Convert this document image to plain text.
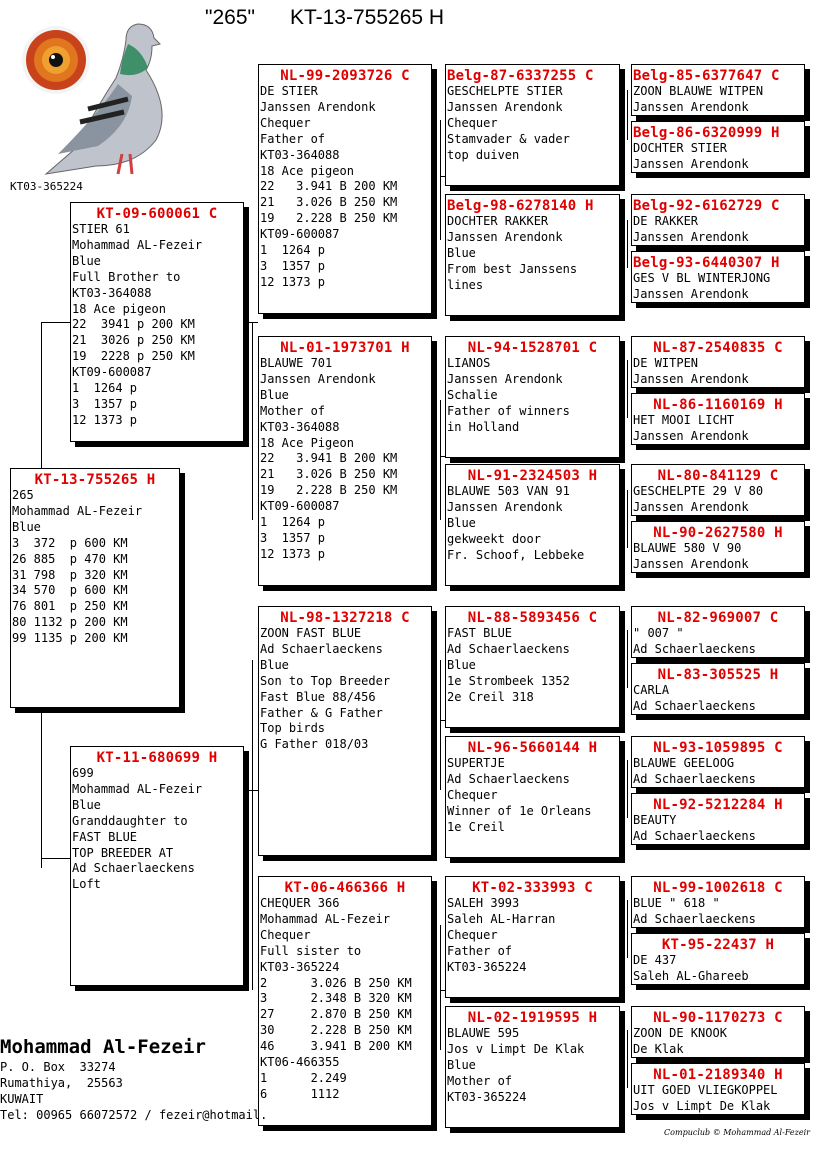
"265"      KT-13-755265 H
KT03-365224
KT-13-755265 H
265
Mohammad AL-Fezeir
Blue
3  372  p 600 KM
26 885  p 470 KM
31 798  p 320 KM
34 570  p 600 KM
76 801  p 250 KM
80 1132 p 200 KM
99 1135 p 200 KM
KT-09-600061 C
STIER 61
Mohammad AL-Fezeir
Blue
Full Brother to
KT03-364088
18 Ace pigeon
22  3941 p 200 KM
21  3026 p 250 KM
19  2228 p 250 KM
KT09-600087
1  1264 p
3  1357 p
12 1373 p
KT-11-680699 H
699
Mohammad AL-Fezeir
Blue
Granddaughter to
FAST BLUE
TOP BREEDER AT
Ad Schaerlaeckens
Loft
NL-99-2093726 C
DE STIER
Janssen Arendonk
Chequer
Father of
KT03-364088
18 Ace pigeon
22   3.941 B 200 KM
21   3.026 B 250 KM
19   2.228 B 250 KM
KT09-600087
1  1264 p
3  1357 p
12 1373 p
NL-01-1973701 H
BLAUWE 701
Janssen Arendonk
Blue
Mother of
KT03-364088
18 Ace Pigeon
22   3.941 B 200 KM
21   3.026 B 250 KM
19   2.228 B 250 KM
KT09-600087
1  1264 p
3  1357 p
12 1373 p
NL-98-1327218 C
ZOON FAST BLUE
Ad Schaerlaeckens
Blue
Son to Top Breeder
Fast Blue 88/456
Father & G Father
Top birds
G Father 018/03
KT-06-466366 H
CHEQUER 366
Mohammad AL-Fezeir
Chequer
Full sister to
KT03-365224
2      3.026 B 250 KM
3      2.348 B 320 KM
27     2.870 B 250 KM
30     2.228 B 250 KM
46     3.941 B 200 KM
KT06-466355
1      2.249
6      1112
Belg-87-6337255 C
GESCHELPTE STIER
Janssen Arendonk
Chequer
Stamvader & vader
top duiven
Belg-98-6278140 H
DOCHTER RAKKER
Janssen Arendonk
Blue
From best Janssens
lines
NL-94-1528701 C
LIANOS
Janssen Arendonk
Schalie
Father of winners
in Holland
NL-91-2324503 H
BLAUWE 503 VAN 91
Janssen Arendonk
Blue
gekweekt door
Fr. Schoof, Lebbeke
NL-88-5893456 C
FAST BLUE
Ad Schaerlaeckens
Blue
1e Strombeek 1352
2e Creil 318
NL-96-5660144 H
SUPERTJE
Ad Schaerlaeckens
Chequer
Winner of 1e Orleans
1e Creil
KT-02-333993 C
SALEH 3993
Saleh AL-Harran
Chequer
Father of
KT03-365224
NL-02-1919595 H
BLAUWE 595
Jos v Limpt De Klak
Blue
Mother of
KT03-365224
Belg-85-6377647 C
ZOON BLAUWE WITPEN
Janssen Arendonk
Belg-86-6320999 H
DOCHTER STIER
Janssen Arendonk
Belg-92-6162729 C
DE RAKKER
Janssen Arendonk
Belg-93-6440307 H
GES V BL WINTERJONG
Janssen Arendonk
NL-87-2540835 C
DE WITPEN
Janssen Arendonk
NL-86-1160169 H
HET MOOI LICHT
Janssen Arendonk
NL-80-841129 C
GESCHELPTE 29 V 80
Janssen Arendonk
NL-90-2627580 H
BLAUWE 580 V 90
Janssen Arendonk
NL-82-969007 C
" 007 "
Ad Schaerlaeckens
NL-83-305525 H
CARLA
Ad Schaerlaeckens
NL-93-1059895 C
BLAUWE GEELOOG
Ad Schaerlaeckens
NL-92-5212284 H
BEAUTY
Ad Schaerlaeckens
NL-99-1002618 C
BLUE " 618 "
Ad Schaerlaeckens
KT-95-22437 H
DE 437
Saleh AL-Ghareeb
NL-90-1170273 C
ZOON DE KNOOK
De Klak
NL-01-2189340 H
UIT GOED VLIEGKOPPEL
Jos v Limpt De Klak
Mohammad Al-Fezeir
P. O. Box  33274
Rumathiya,  25563
KUWAIT
Tel: 00965 66072572 / fezeir@hotmail.
Compuclub © Mohammad Al-Fezeir
